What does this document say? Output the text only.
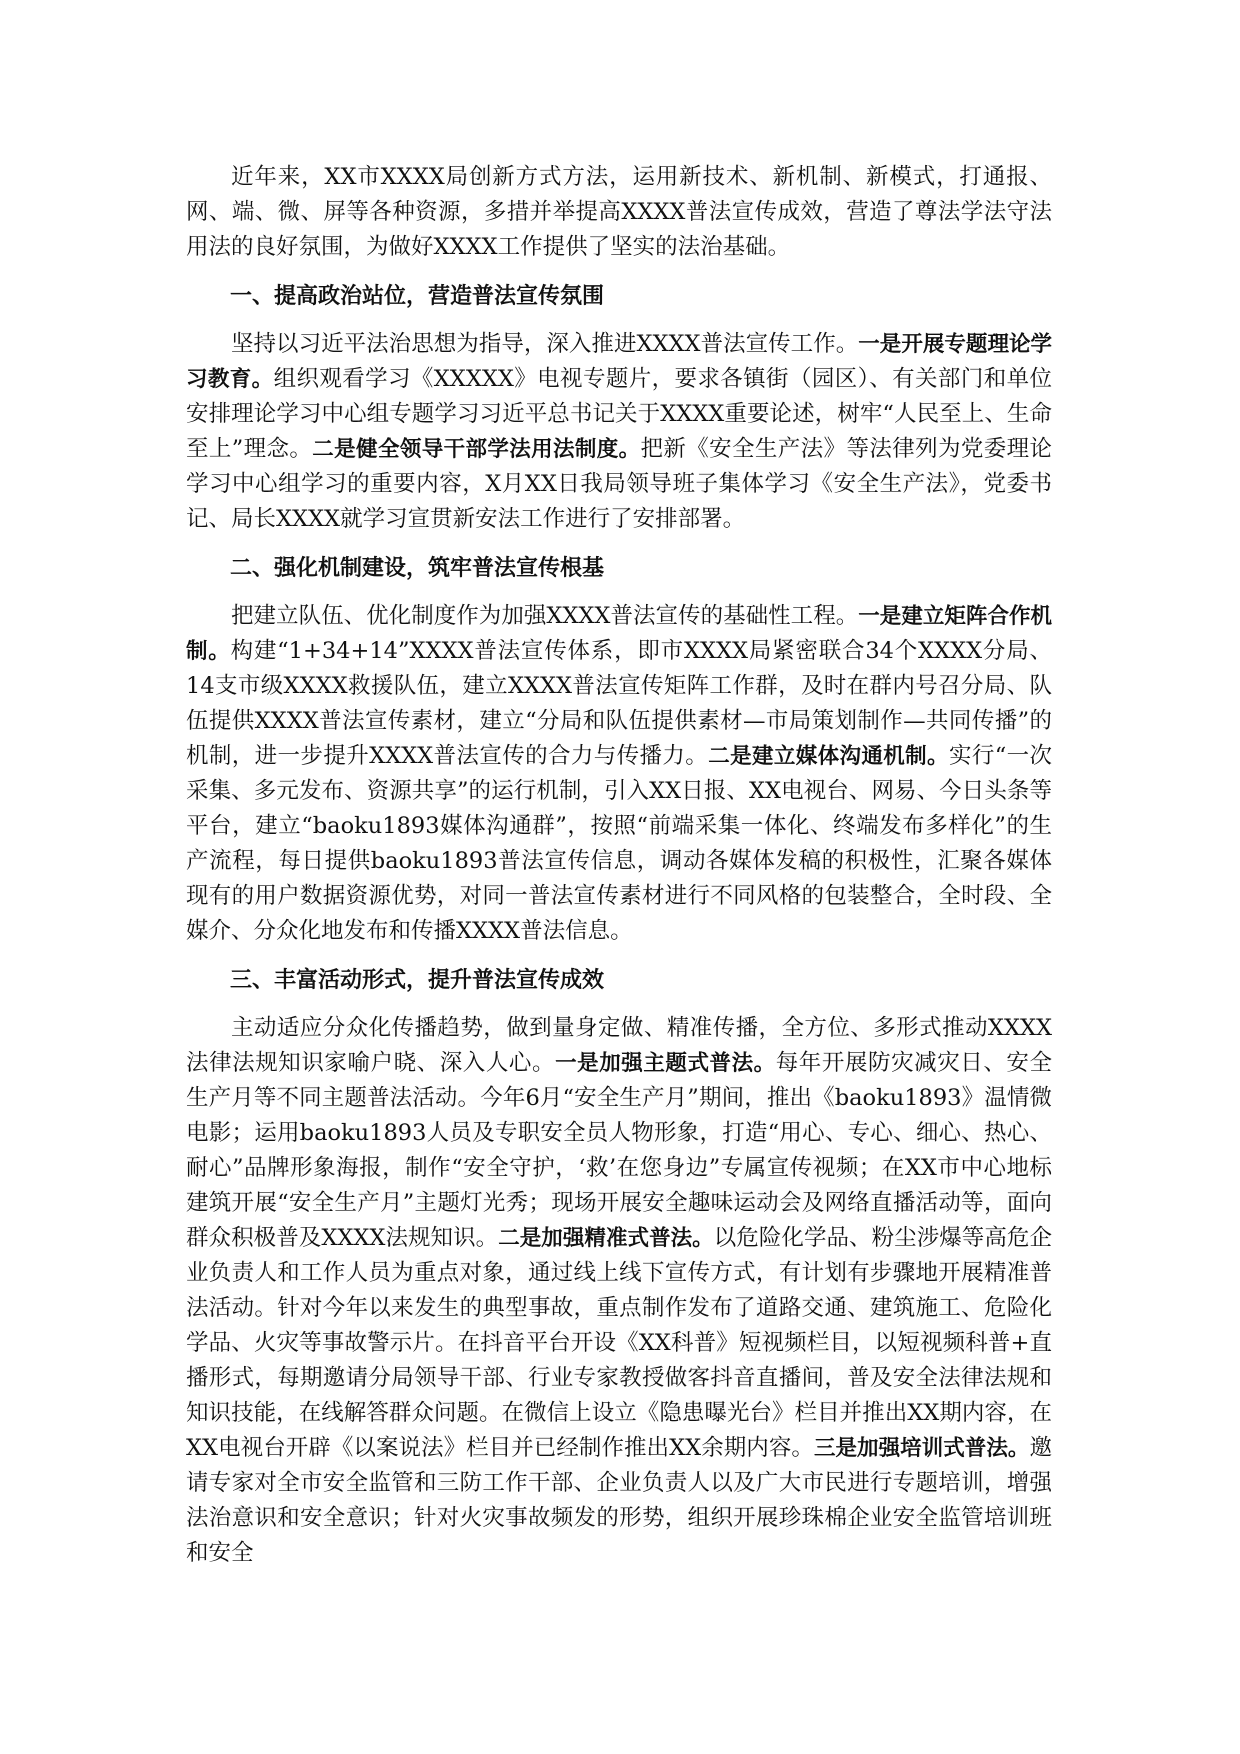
近年来，XX市XXXX局创新方式方法，运用新技术、新机制、新模式，打通报、网、端、微、屏等各种资源，多措并举提高XXXX普法宣传成效，营造了尊法学法守法用法的良好氛围，为做好XXXX工作提供了坚实的法治基础。

一、提高政治站位，营造普法宣传氛围

坚持以习近平法治思想为指导，深入推进XXXX普法宣传工作。一是开展专题理论学习教育。组织观看学习《XXXXX》电视专题片，要求各镇街（园区）、有关部门和单位安排理论学习中心组专题学习习近平总书记关于XXXX重要论述，树牢“人民至上、生命至上”理念。二是健全领导干部学法用法制度。把新《安全生产法》等法律列为党委理论学习中心组学习的重要内容，X月XX日我局领导班子集体学习《安全生产法》，党委书记、局长XXXX就学习宣贯新安法工作进行了安排部署。

二、强化机制建设，筑牢普法宣传根基

把建立队伍、优化制度作为加强XXXX普法宣传的基础性工程。一是建立矩阵合作机制。构建“1+34+14”XXXX普法宣传体系，即市XXXX局紧密联合34个XXXX分局、14支市级XXXX救援队伍，建立XXXX普法宣传矩阵工作群，及时在群内号召分局、队伍提供XXXX普法宣传素材，建立“分局和队伍提供素材—市局策划制作—共同传播”的机制，进一步提升XXXX普法宣传的合力与传播力。二是建立媒体沟通机制。实行“一次采集、多元发布、资源共享”的运行机制，引入XX日报、XX电视台、网易、今日头条等平台，建立“baoku1893媒体沟通群”，按照“前端采集一体化、终端发布多样化”的生产流程，每日提供baoku1893普法宣传信息，调动各媒体发稿的积极性，汇聚各媒体现有的用户数据资源优势，对同一普法宣传素材进行不同风格的包装整合，全时段、全媒介、分众化地发布和传播XXXX普法信息。

三、丰富活动形式，提升普法宣传成效

主动适应分众化传播趋势，做到量身定做、精准传播，全方位、多形式推动XXXX法律法规知识家喻户晓、深入人心。一是加强主题式普法。每年开展防灾减灾日、安全生产月等不同主题普法活动。今年6月“安全生产月”期间，推出《baoku1893》温情微电影；运用baoku1893人员及专职安全员人物形象，打造“用心、专心、细心、热心、耐心”品牌形象海报，制作“安全守护，‘救’在您身边”专属宣传视频；在XX市中心地标建筑开展“安全生产月”主题灯光秀；现场开展安全趣味运动会及网络直播活动等，面向群众积极普及XXXX法规知识。二是加强精准式普法。以危险化学品、粉尘涉爆等高危企业负责人和工作人员为重点对象，通过线上线下宣传方式，有计划有步骤地开展精准普法活动。针对今年以来发生的典型事故，重点制作发布了道路交通、建筑施工、危险化学品、火灾等事故警示片。在抖音平台开设《XX科普》短视频栏目，以短视频科普+直播形式，每期邀请分局领导干部、行业专家教授做客抖音直播间，普及安全法律法规和知识技能，在线解答群众问题。在微信上设立《隐患曝光台》栏目并推出XX期内容，在XX电视台开辟《以案说法》栏目并已经制作推出XX余期内容。三是加强培训式普法。邀请专家对全市安全监管和三防工作干部、企业负责人以及广大市民进行专题培训，增强法治意识和安全意识；针对火灾事故频发的形势，组织开展珍珠棉企业安全监管培训班和安全
